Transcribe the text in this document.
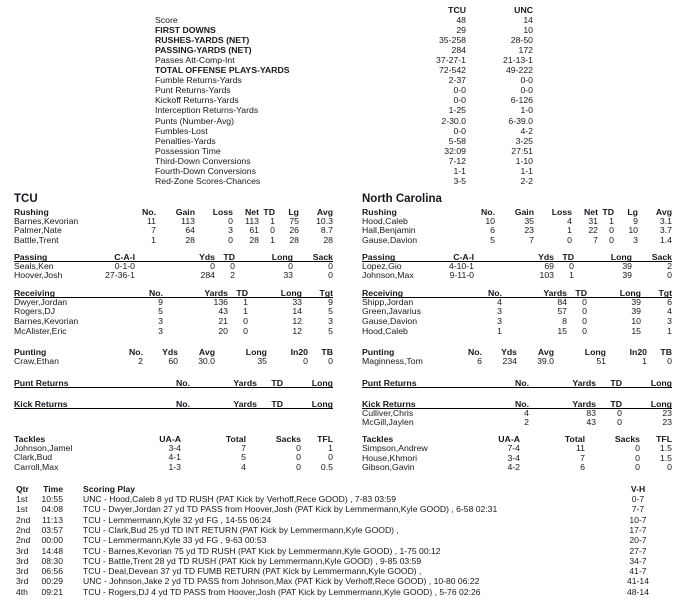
TCU	UNC
Score	48	14
FIRST DOWNS	29	10
RUSHES-YARDS (NET)	35-258	28-50
PASSING-YARDS (NET)	284	172
Passes Att-Comp-Int	37-27-1	21-13-1
TOTAL OFFENSE PLAYS-YARDS	72-542	49-222
Fumble Returns-Yards	2-37	0-0
Punt Returns-Yards	0-0	0-0
Kickoff Returns-Yards	0-0	6-126
Interception Returns-Yards	1-25	1-0
Punts (Number-Avg)	2-30.0	6-39.0
Fumbles-Lost	0-0	4-2
Penalties-Yards	5-58	3-25
Possession Time	32:09	27:51
Third-Down Conversions	7-12	1-10
Fourth-Down Conversions	1-1	1-1
Red-Zone Scores-Chances	3-5	2-2
TCU
Rushing	No.	Gain	Loss	Net TD	Lg	Avg
Barnes,Kevorian	11	113	0	113	1	75	10.3
Palmer,Nate	7	64	3	61	0	26	8.7
Battle,Trent	1	28	0	28	1	28	28
Passing	C-A-I	Yds TD	Long	Sack
Seals,Ken	0-1-0	0	0	0	0
Hoover,Josh	27-36-1	284	2	33	0
Receiving	No.	Yards TD	Long	Tgt
Dwyer,Jordan	9	136	1	33	9
Rogers,DJ	5	43	1	14	5
Barnes,Kevorian	3	21	0	12	3
McAlister,Eric	3	20	0	12	5
Punting	No.	Yds	Avg	Long	In20	TB
Craw,Ethan	2	60	30.0	35	0	0
Punt Returns	No.	Yards	TD	Long
Kick Returns	No.	Yards	TD	Long
Tackles	UA-A	Total	Sacks	TFL
Johnson,Jamel	3-4	7	0	1
Clark,Bud	4-1	5	0	0
Carroll,Max	1-3	4	0	0.5
North Carolina
Rushing	No.	Gain	Loss	Net TD	Lg	Avg
Hood,Caleb	10	35	4	31	1	9	3.1
Hall,Benjamin	6	23	1	22	0	10	3.7
Gause,Davion	5	7	0	7	0	3	1.4
Passing	C-A-I	Yds TD	Long	Sack
Lopez,Gio	4-10-1	69	0	39	2
Johnson,Max	9-11-0	103	1	39	0
Receiving	No.	Yards TD	Long	Tgt
Shipp,Jordan	4	84	0	39	6
Green,Javarius	3	57	0	39	4
Gause,Davion	3	8	0	10	3
Hood,Caleb	1	15	0	15	1
Punting	No.	Yds	Avg	Long	In20	TB
Maginness,Tom	6	234	39.0	51	1	0
Punt Returns	No.	Yards	TD	Long
Kick Returns	No.	Yards	TD	Long
Culliver,Chris	4	83	0	23
McGill,Jaylen	2	43	0	23
Tackles	UA-A	Total	Sacks	TFL
Simpson,Andrew	7-4	11	0	1.5
House,Khmori	3-4	7	0	1.5
Gibson,Gavin	4-2	6	0	0
Qtr	Time	Scoring Play	V-H
1st	10:55	UNC - Hood,Caleb 8 yd TD RUSH (PAT Kick by Verhoff,Rece GOOD) , 7-83 03:59	0-7
1st	04:08	TCU - Dwyer,Jordan 27 yd TD PASS from Hoover,Josh (PAT Kick by Lemmermann,Kyle GOOD) , 6-58 02:31	7-7
2nd	11:13	TCU - Lemmermann,Kyle 32 yd FG , 14-55 06:24	10-7
2nd	03:57	TCU - Clark,Bud 25 yd TD INT RETURN (PAT Kick by Lemmermann,Kyle GOOD) ,	17-7
2nd	00:00	TCU - Lemmermann,Kyle 33 yd FG , 9-63 00:53	20-7
3rd	14:48	TCU - Barnes,Kevorian 75 yd TD RUSH (PAT Kick by Lemmermann,Kyle GOOD) , 1-75 00:12	27-7
3rd	08:30	TCU - Battle,Trent 28 yd TD RUSH (PAT Kick by Lemmermann,Kyle GOOD) , 9-85 03:59	34-7
3rd	06:56	TCU - Deal,Devean 37 yd TD FUMB RETURN (PAT Kick by Lemmermann,Kyle GOOD) ,	41-7
3rd	00:29	UNC - Johnson,Jake 2 yd TD PASS from Johnson,Max (PAT Kick by Verhoff,Rece GOOD) , 10-80 06:22	41-14
4th	09:21	TCU - Rogers,DJ 4 yd TD PASS from Hoover,Josh (PAT Kick by Lemmermann,Kyle GOOD) , 5-76 02:26	48-14
